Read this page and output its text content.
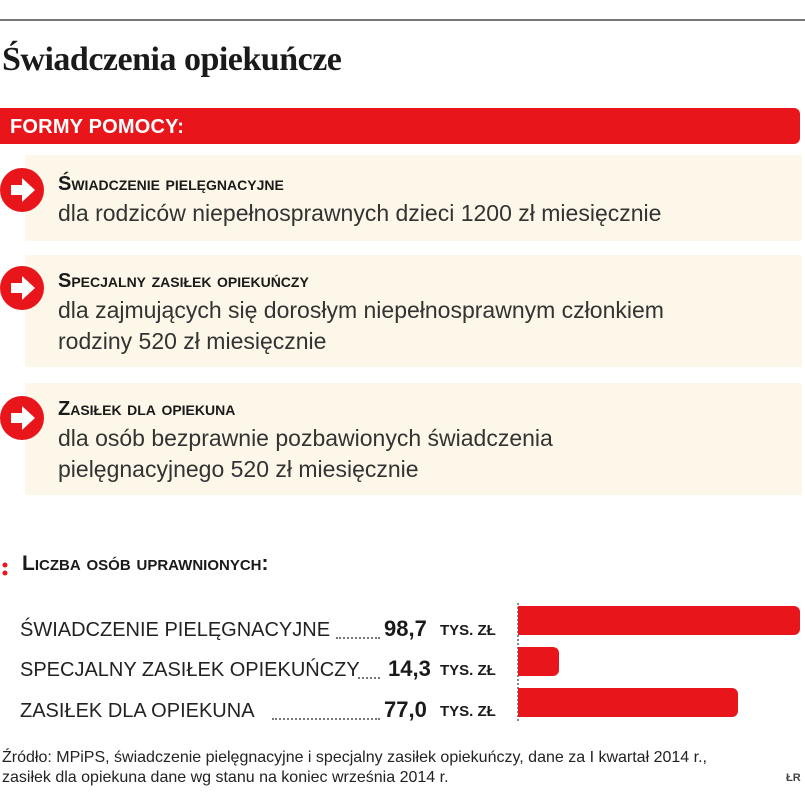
Świadczenia opiekuńcze
FORMY POMOCY:
Świadczenie pielęgnacyjne
dla rodziców niepełnosprawnych dzieci 1200 zł miesięcznie
Specjalny zasiłek opiekuńczy
dla zajmujących się dorosłym niepełnosprawnym członkiem
rodziny 520 zł miesięcznie
Zasiłek dla opiekuna
dla osób bezprawnie pozbawionych świadczenia
pielęgnacyjnego 520 zł miesięcznie
Liczba osób uprawnionych:
ŚWIADCZENIE PIELĘGNACYJNE 98,7 TYS. ZŁ
SPECJALNY ZASIŁEK OPIEKUŃCZY 14,3 TYS. ZŁ
ZASIŁEK DLA OPIEKUNA	77,0 TYS. ZŁ
Źródło: MPiPS, świadczenie pielęgnacyjne i specjalny zasiłek opiekuńczy, dane za I kwartał 2014 r., zasiłek dla opiekuna dane wg stanu na koniec września 2014 r.	ŁR
